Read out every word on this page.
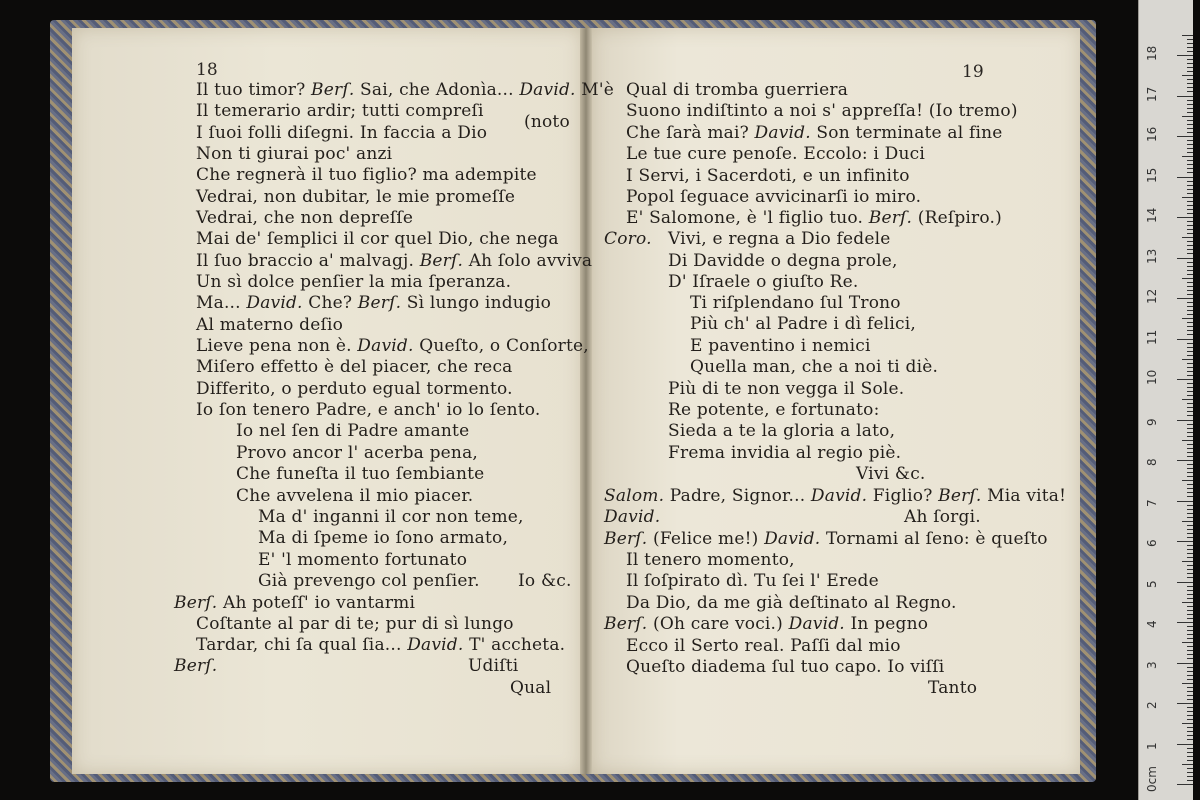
Il tuo timor? Berſ. Sai, che Adonìa... David. M'è
Il temerario ardir; tutti compreſi
(noto
I ſuoi folli diſegni. In faccia a Dio
Non ti giurai poc' anzi
Che regnerà il tuo figlio? ma adempite
Vedrai, non dubitar, le mie promeſſe
Vedrai, che non depreſſe
Mai de' ſemplici il cor quel Dio, che nega
Il ſuo braccio a' malvagj. Berſ. Ah ſolo avviva
Un sì dolce penſier la mia ſperanza.
Ma... David. Che? Berſ. Sì lungo indugio
Al materno deſio
Lieve pena non è. David. Queſto, o Conſorte,
Miſero effetto è del piacer, che reca
Differito, o perduto egual tormento.
Io ſon tenero Padre, e anch' io lo ſento.
Io nel ſen di Padre amante
Provo ancor l' acerba pena,
Che funeſta il tuo ſembiante
Che avvelena il mio piacer.
Ma d' inganni il cor non teme,
Ma di ſpeme io ſono armato,
E' 'l momento fortunato
Già prevengo col penſier. Io &c.
Berſ. Ah poteſſ' io vantarmi
Coſtante al par di te; pur di sì lungo
Tardar, chi ſa qual ſia... David. T' accheta.
Berſ.	Udiſti
Qual
Qual di tromba guerriera
Suono indiſtinto a noi s' appreſſa! (Io tremo)
Che ſarà mai? David. Son terminate al fine
Le tue cure penoſe. Eccolo: i Duci
I Servi, i Sacerdoti, e un infinito
Popol ſeguace avvicinarſi io miro.
E' Salomone, è 'l figlio tuo. Berſ. (Reſpiro.)
Coro. Vivi, e regna a Dio fedele
Di Davidde o degna prole,
D' Iſraele o giuſto Re.
Ti riſplendano ſul Trono
Più ch' al Padre i dì felici,
E paventino i nemici
Quella man, che a noi ti diè.
Più di te non vegga il Sole.
Re potente, e fortunato:
Sieda a te la gloria a lato,
Frema invidia al regio piè.
Vivi &c.
Salom. Padre, Signor... David. Figlio? Berſ. Mia vita!
David.	Ah ſorgi.
Berſ. (Felice me!) David. Tornami al ſeno: è queſto
Il tenero momento,
Il ſoſpirato dì. Tu ſei l' Erede
Da Dio, da me già deſtinato al Regno.
Berſ. (Oh care voci.) David. In pegno
Ecco il Serto real. Paſſi dal mio
Queſto diadema ſul tuo capo. Io viſſi
Tanto
18	19
0cm
1
2
3
4
5
6
7
8
9
10
11
12
13
14
15
16
17
18
